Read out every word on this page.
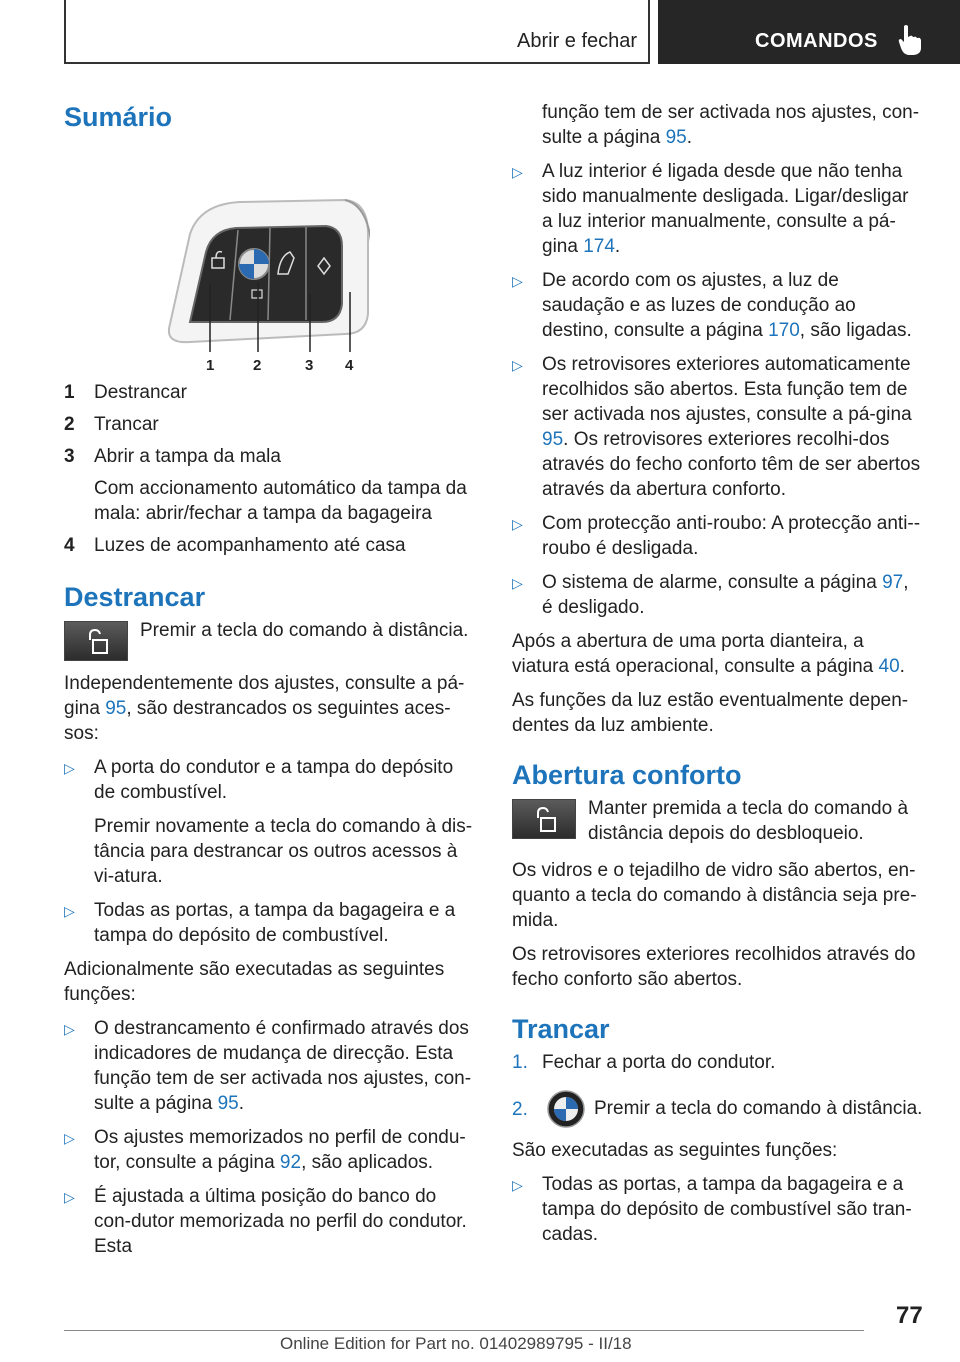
Abrir e fechar	COMANDOS
Sumário
1	2	3 4
1	Destrancar
2	Trancar
3	Abrir a tampa da mala
Com accionamento automático da tampa da mala: abrir/fechar a tampa da bagageira
4	Luzes de acompanhamento até casa
Destrancar
Premir a tecla do comando à distância.

Independentemente dos ajustes, consulte a pá-gina 95, são destrancados os seguintes aces-sos:

▷	A porta do condutor e a tampa do depósito de combustível.
Premir novamente a tecla do comando à dis-tância para destrancar os outros acessos à vi-atura.
▷	Todas as portas, a tampa da bagageira e a tampa do depósito de combustível.

Adicionalmente são executadas as seguintes funções:

▷	O destrancamento é confirmado através dos indicadores de mudança de direcção. Esta função tem de ser activada nos ajustes, con-sulte a página 95.
▷	Os ajustes memorizados no perfil de condu-tor, consulte a página 92, são aplicados.
▷	É ajustada a última posição do banco do con-dutor memorizada no perfil do condutor. Esta
função tem de ser activada nos ajustes, con-sulte a página 95.
▷	A luz interior é ligada desde que não tenha sido manualmente desligada. Ligar/desligar a luz interior manualmente, consulte a pá-gina 174.
▷	De acordo com os ajustes, a luz de saudação e as luzes de condução ao destino, consulte a página 170, são ligadas.
▷	Os retrovisores exteriores automaticamente recolhidos são abertos. Esta função tem de ser activada nos ajustes, consulte a pá-gina 95. Os retrovisores exteriores recolhi-dos através do fecho conforto têm de ser abertos através da abertura conforto.
▷	Com protecção anti-roubo: A protecção anti--roubo é desligada.
▷	O sistema de alarme, consulte a página 97, é desligado.

Após a abertura de uma porta dianteira, a viatura está operacional, consulte a página 40.

As funções da luz estão eventualmente depen-dentes da luz ambiente.

Abertura conforto
Manter premida a tecla do comando à distância depois do desbloqueio.

Os vidros e o tejadilho de vidro são abertos, en-quanto a tecla do comando à distância seja pre-mida.

Os retrovisores exteriores recolhidos através do fecho conforto são abertos.

Trancar
1. Fechar a porta do condutor.
2.	Premir a tecla do comando à distância.

São executadas as seguintes funções:

▷	Todas as portas, a tampa da bagageira e a tampa do depósito de combustível são tran-cadas.
77
Online Edition for Part no. 01402989795 - II/18
